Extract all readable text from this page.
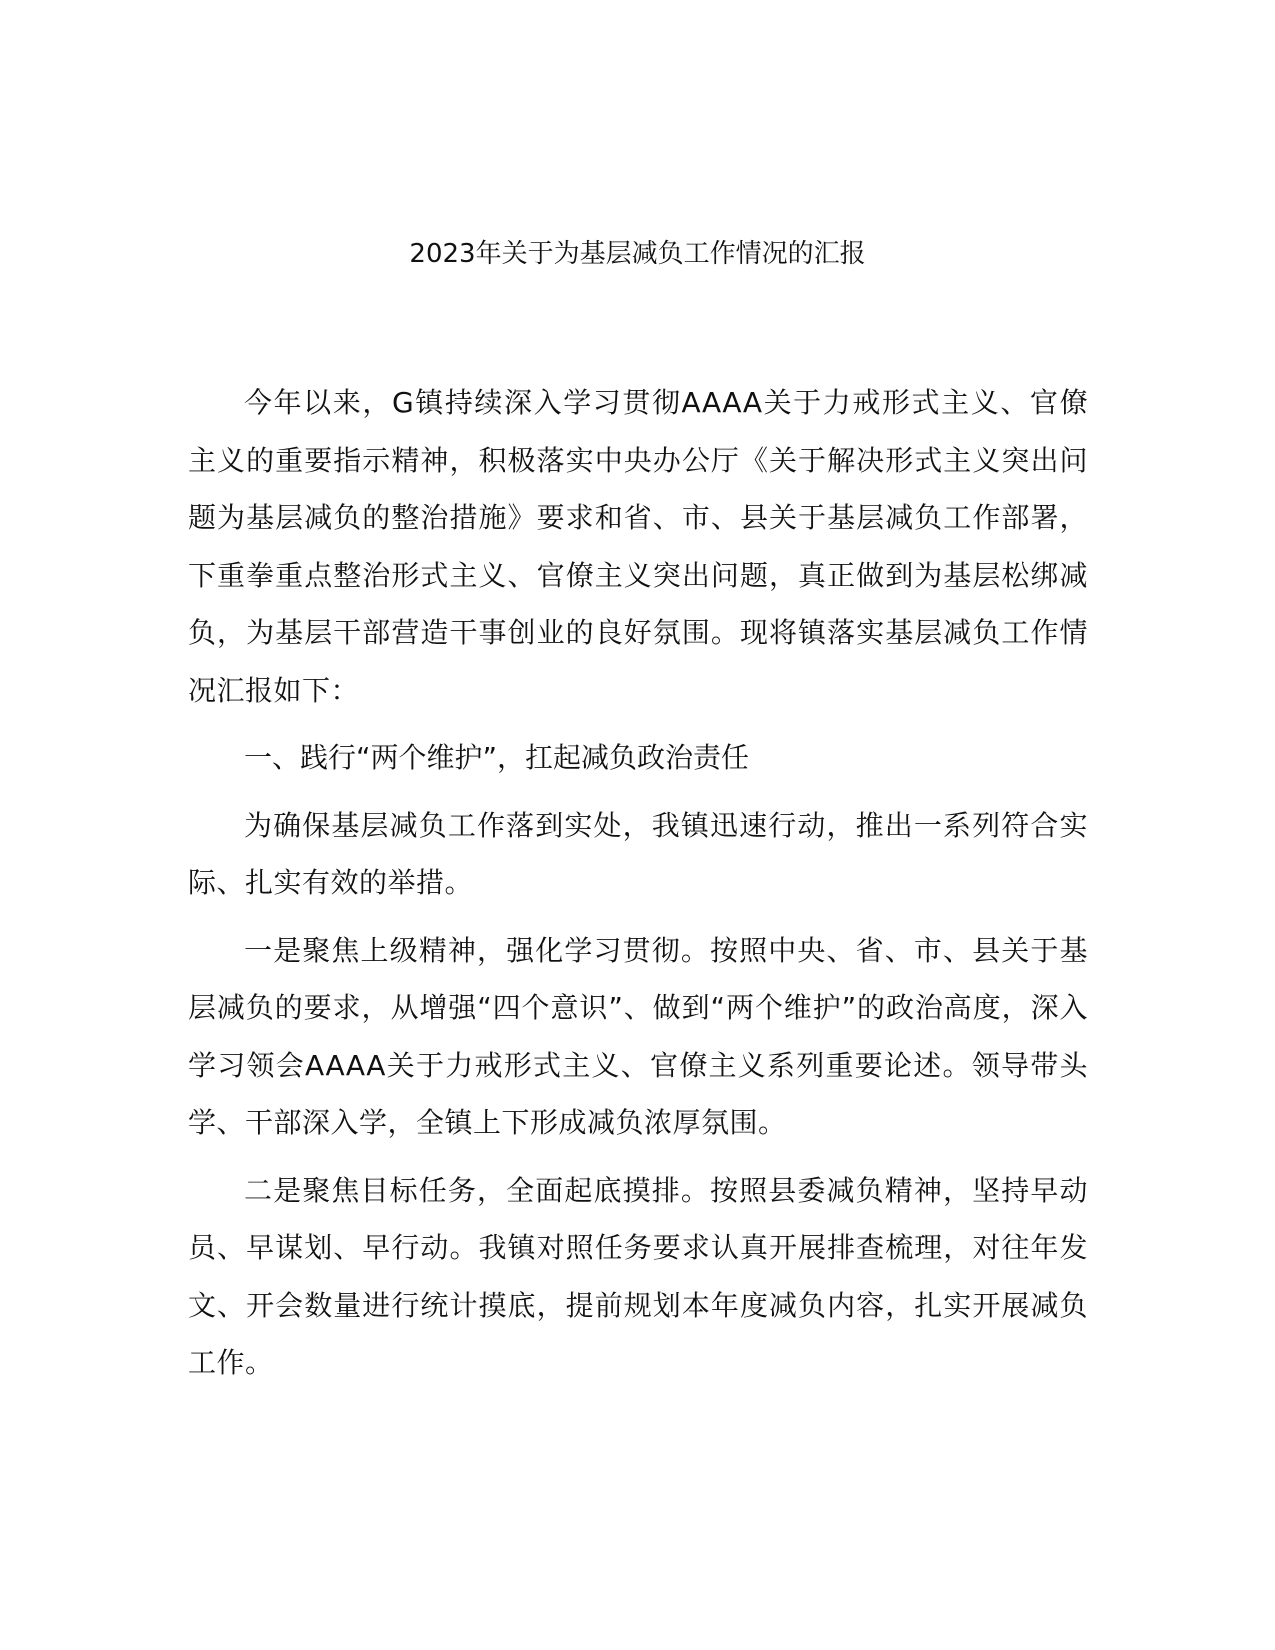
2023年关于为基层减负工作情况的汇报

今年以来，G镇持续深入学习贯彻AAAA关于力戒形式主义、官僚主义的重要指示精神，积极落实中央办公厅《关于解决形式主义突出问题为基层减负的整治措施》要求和省、市、县关于基层减负工作部署，下重拳重点整治形式主义、官僚主义突出问题，真正做到为基层松绑减负，为基层干部营造干事创业的良好氛围。现将镇落实基层减负工作情况汇报如下：

一、践行“两个维护”，扛起减负政治责任

为确保基层减负工作落到实处，我镇迅速行动，推出一系列符合实际、扎实有效的举措。

一是聚焦上级精神，强化学习贯彻。按照中央、省、市、县关于基层减负的要求，从增强“四个意识”、做到“两个维护”的政治高度，深入学习领会AAAA关于力戒形式主义、官僚主义系列重要论述。领导带头学、干部深入学，全镇上下形成减负浓厚氛围。

二是聚焦目标任务，全面起底摸排。按照县委减负精神，坚持早动员、早谋划、早行动。我镇对照任务要求认真开展排查梳理，对往年发文、开会数量进行统计摸底，提前规划本年度减负内容，扎实开展减负工作。
